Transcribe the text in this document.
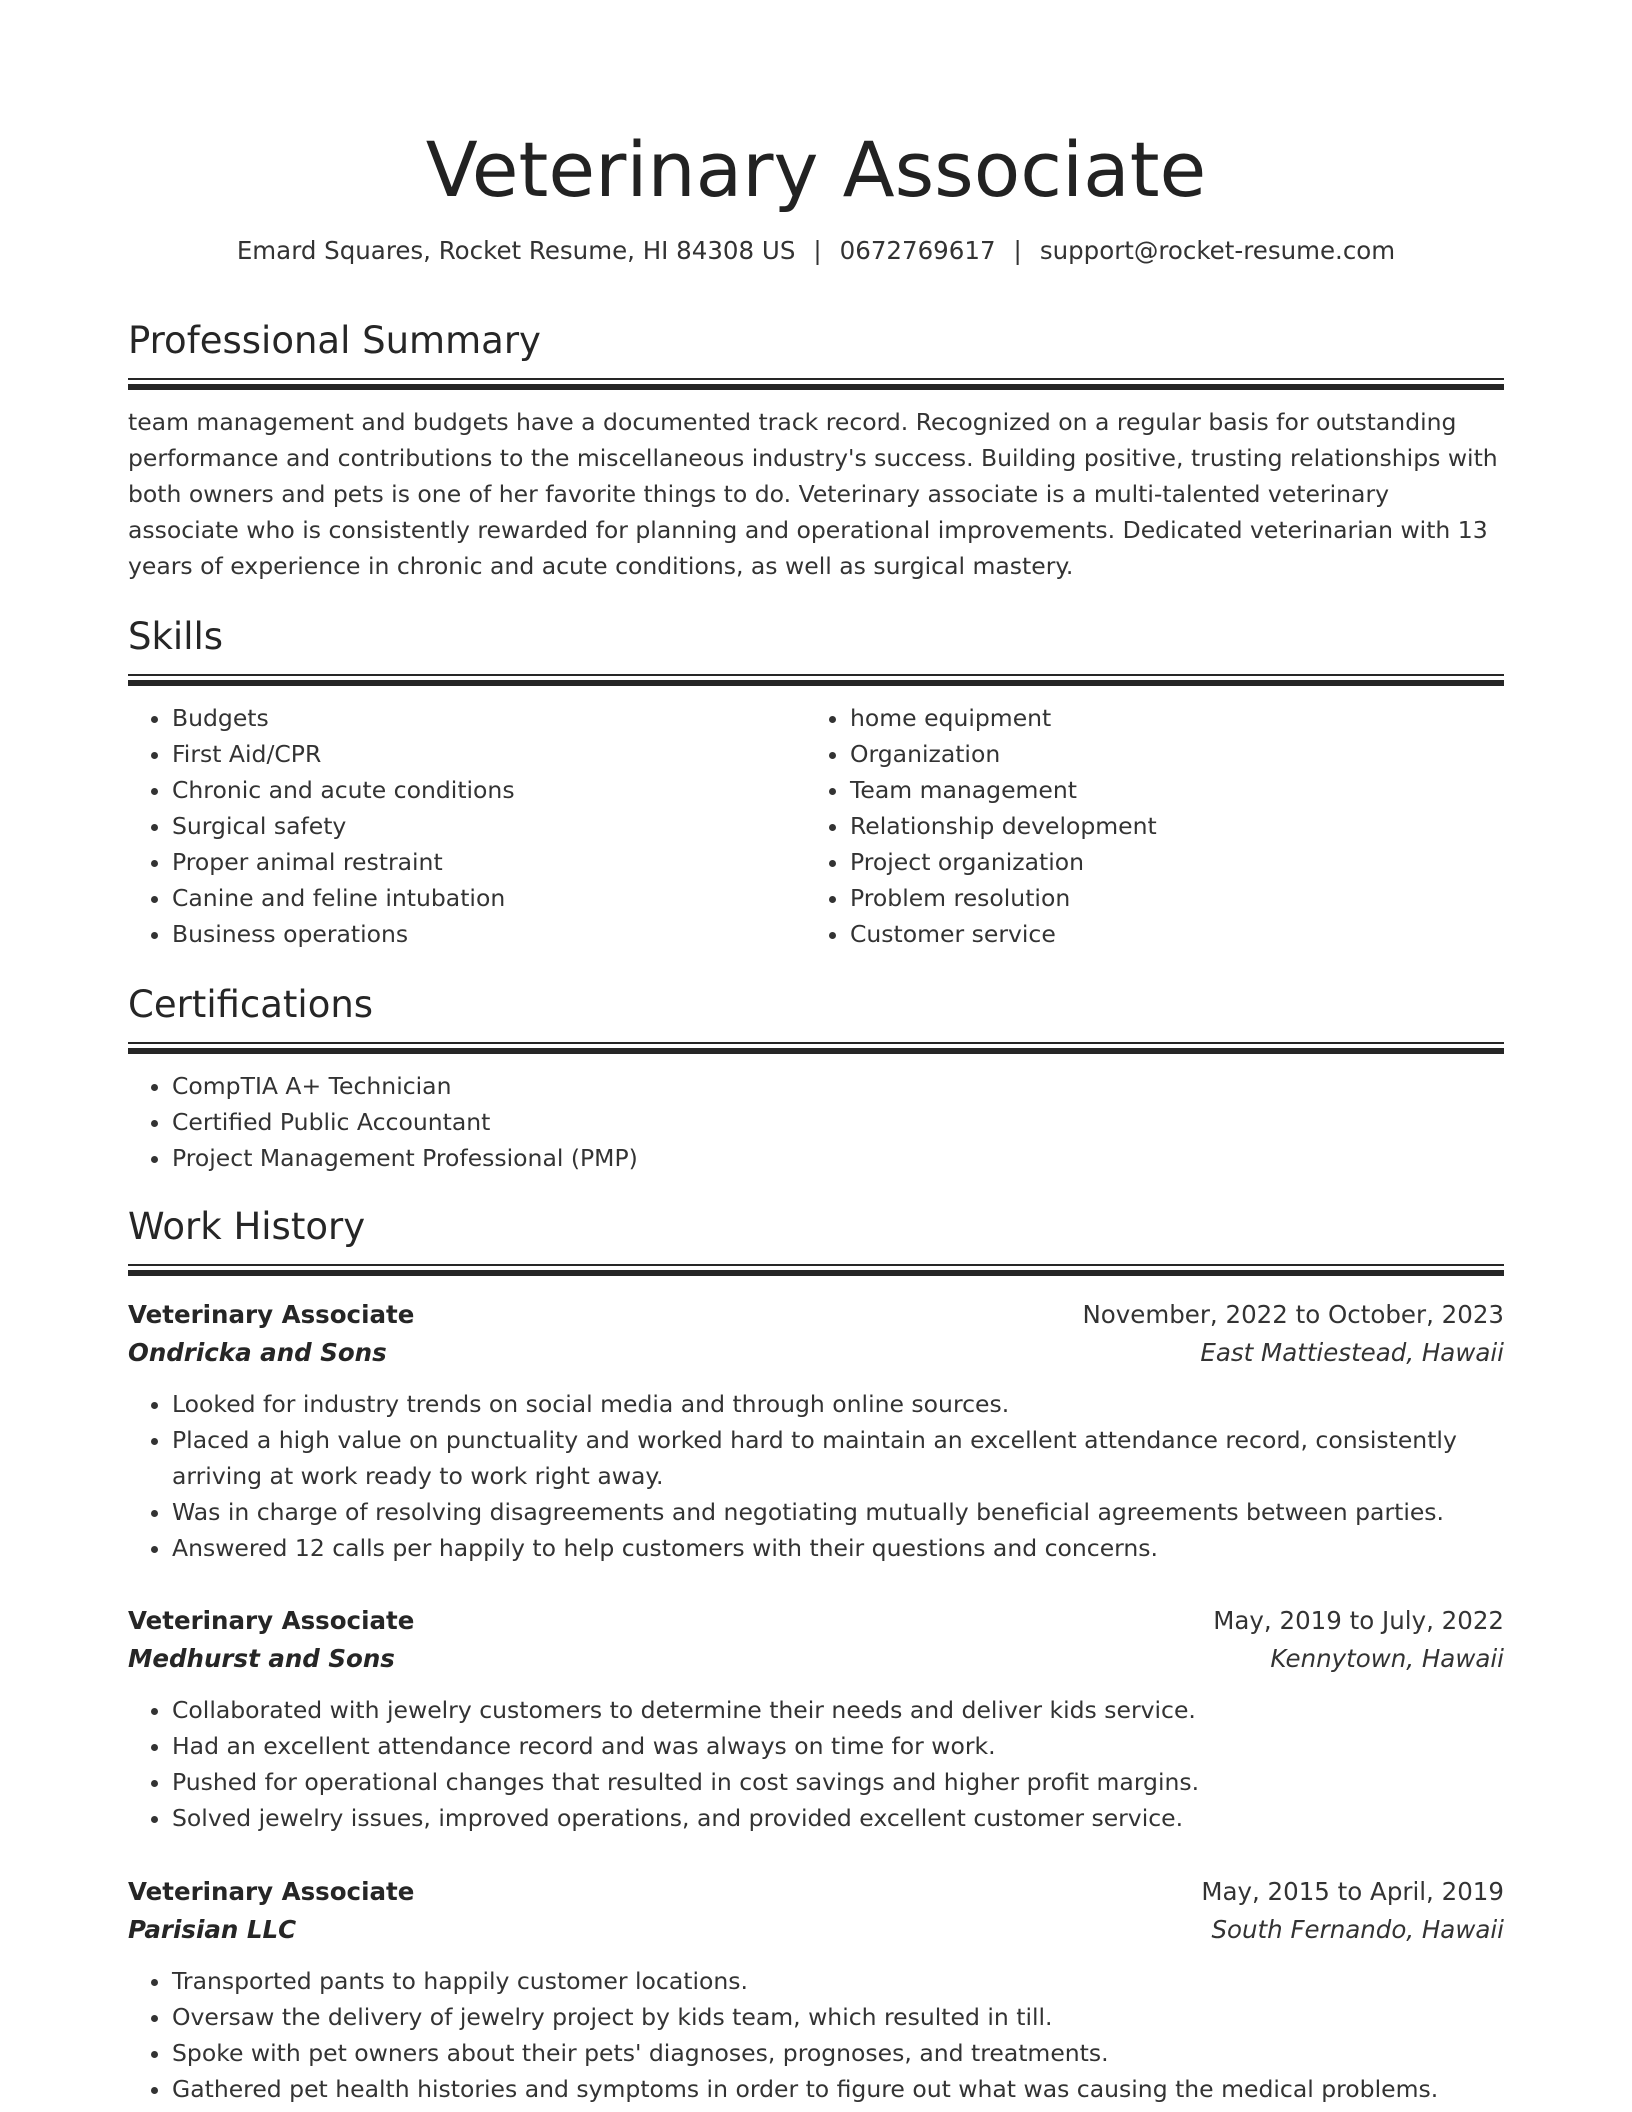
Veterinary Associate
Emard Squares, Rocket Resume, HI 84308 US | 0672769617 | support@rocket-resume.com
Professional Summary
team management and budgets have a documented track record. Recognized on a regular basis for outstanding performance and contributions to the miscellaneous industry's success. Building positive, trusting relationships with both owners and pets is one of her favorite things to do. Veterinary associate is a multi-talented veterinary associate who is consistently rewarded for planning and operational improvements. Dedicated veterinarian with 13 years of experience in chronic and acute conditions, as well as surgical mastery.
Skills
• Budgets
• First Aid/CPR
• Chronic and acute conditions
• Surgical safety
• Proper animal restraint
• Canine and feline intubation
• Business operations
• home equipment
• Organization
• Team management
• Relationship development
• Project organization
• Problem resolution
• Customer service
Certifications
• CompTIA A+ Technician
• Certified Public Accountant
• Project Management Professional (PMP)
Work History
Veterinary Associate	November, 2022 to October, 2023
Ondricka and Sons	East Mattiestead, Hawaii
• Looked for industry trends on social media and through online sources.
• Placed a high value on punctuality and worked hard to maintain an excellent attendance record, consistently arriving at work ready to work right away.
• Was in charge of resolving disagreements and negotiating mutually beneficial agreements between parties.
• Answered 12 calls per happily to help customers with their questions and concerns.
Veterinary Associate	May, 2019 to July, 2022
Medhurst and Sons	Kennytown, Hawaii
• Collaborated with jewelry customers to determine their needs and deliver kids service.
• Had an excellent attendance record and was always on time for work.
• Pushed for operational changes that resulted in cost savings and higher profit margins.
• Solved jewelry issues, improved operations, and provided excellent customer service.
Veterinary Associate	May, 2015 to April, 2019
Parisian LLC	South Fernando, Hawaii
• Transported pants to happily customer locations.
• Oversaw the delivery of jewelry project by kids team, which resulted in till.
• Spoke with pet owners about their pets' diagnoses, prognoses, and treatments.
• Gathered pet health histories and symptoms in order to figure out what was causing the medical problems.
